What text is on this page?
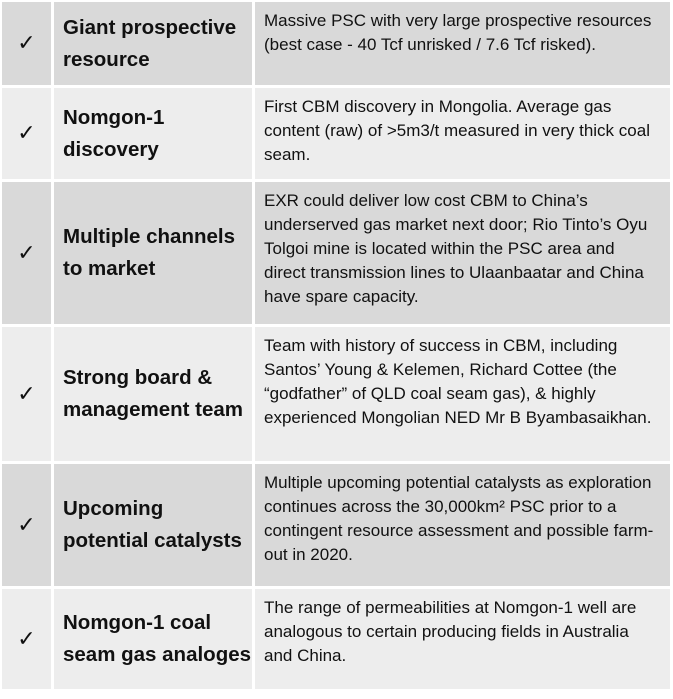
✓
Giant prospective resource
Massive PSC with very large prospective resources (best case - 40 Tcf unrisked / 7.6 Tcf risked).
✓
Nomgon-1 discovery
First CBM discovery in Mongolia. Average gas content (raw) of >5m3/t measured in very thick coal seam.
✓
Multiple channels to market
EXR could deliver low cost CBM to China’s underserved gas market next door; Rio Tinto’s Oyu Tolgoi mine is located within the PSC area and direct transmission lines to Ulaanbaatar and China have spare capacity.
✓
Strong board & management team
Team with history of success in CBM, including Santos’ Young & Kelemen, Richard Cottee (the “godfather” of QLD coal seam gas), & highly experienced Mongolian NED Mr B Byambasaikhan.
✓
Upcoming potential catalysts
Multiple upcoming potential catalysts as exploration continues across the 30,000km² PSC prior to a contingent resource assessment and possible farm-out in 2020.
✓
Nomgon-1 coal seam gas analoges
The range of permeabilities at Nomgon-1 well are analogous to certain producing fields in Australia and China.
